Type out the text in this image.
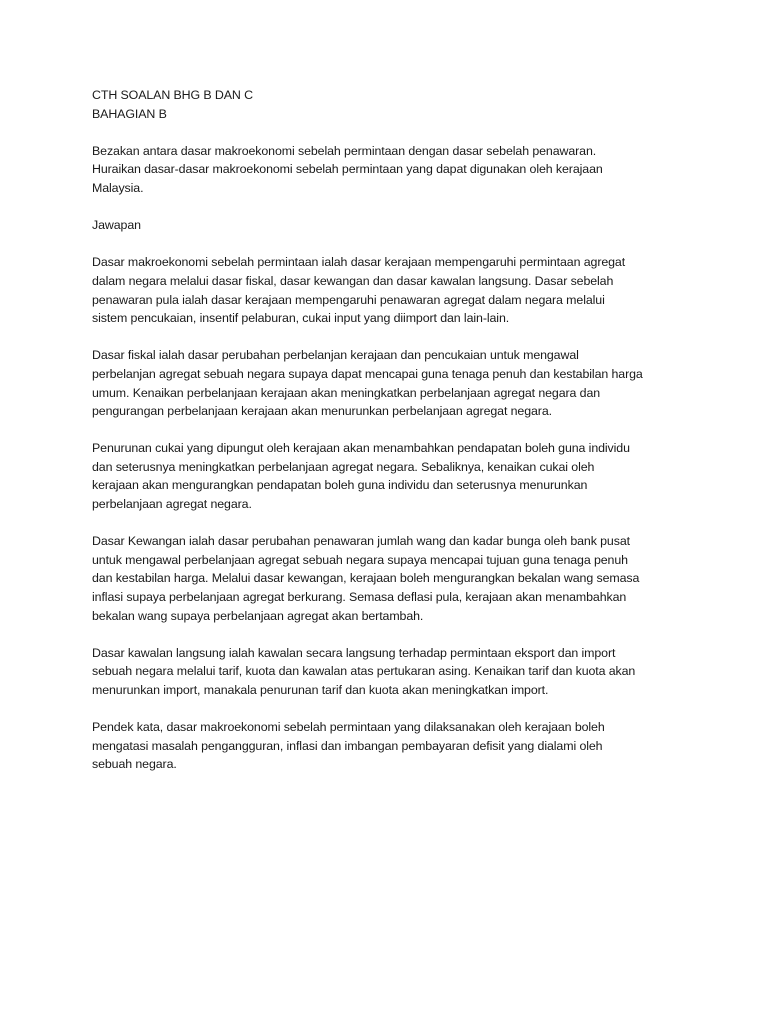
CTH SOALAN BHG B DAN C
BAHAGIAN B
Bezakan antara dasar makroekonomi sebelah permintaan dengan dasar sebelah penawaran.
Huraikan dasar-dasar makroekonomi sebelah permintaan yang dapat digunakan oleh kerajaan
Malaysia.
Jawapan
Dasar makroekonomi sebelah permintaan ialah dasar kerajaan mempengaruhi permintaan agregat
dalam negara melalui dasar fiskal, dasar kewangan dan dasar kawalan langsung. Dasar sebelah
penawaran pula ialah dasar kerajaan mempengaruhi penawaran agregat dalam negara melalui
sistem pencukaian, insentif pelaburan, cukai input yang diimport dan lain-lain.
Dasar fiskal ialah dasar perubahan perbelanjan kerajaan dan pencukaian untuk mengawal
perbelanjan agregat sebuah negara supaya dapat mencapai guna tenaga penuh dan kestabilan harga
umum. Kenaikan perbelanjaan kerajaan akan meningkatkan perbelanjaan agregat negara dan
pengurangan perbelanjaan kerajaan akan menurunkan perbelanjaan agregat negara.
Penurunan cukai yang dipungut oleh kerajaan akan menambahkan pendapatan boleh guna individu
dan seterusnya meningkatkan perbelanjaan agregat negara. Sebaliknya, kenaikan cukai oleh
kerajaan akan mengurangkan pendapatan boleh guna individu dan seterusnya menurunkan
perbelanjaan agregat negara.
Dasar Kewangan ialah dasar perubahan penawaran jumlah wang dan kadar bunga oleh bank pusat
untuk mengawal perbelanjaan agregat sebuah negara supaya mencapai tujuan guna tenaga penuh
dan kestabilan harga. Melalui dasar kewangan, kerajaan boleh mengurangkan bekalan wang semasa
inflasi supaya perbelanjaan agregat berkurang. Semasa deflasi pula, kerajaan akan menambahkan
bekalan wang supaya perbelanjaan agregat akan bertambah.
Dasar kawalan langsung ialah kawalan secara langsung terhadap permintaan eksport dan import
sebuah negara melalui tarif, kuota dan kawalan atas pertukaran asing. Kenaikan tarif dan kuota akan
menurunkan import, manakala penurunan tarif dan kuota akan meningkatkan import.
Pendek kata, dasar makroekonomi sebelah permintaan yang dilaksanakan oleh kerajaan boleh
mengatasi masalah pengangguran, inflasi dan imbangan pembayaran defisit yang dialami oleh
sebuah negara.
